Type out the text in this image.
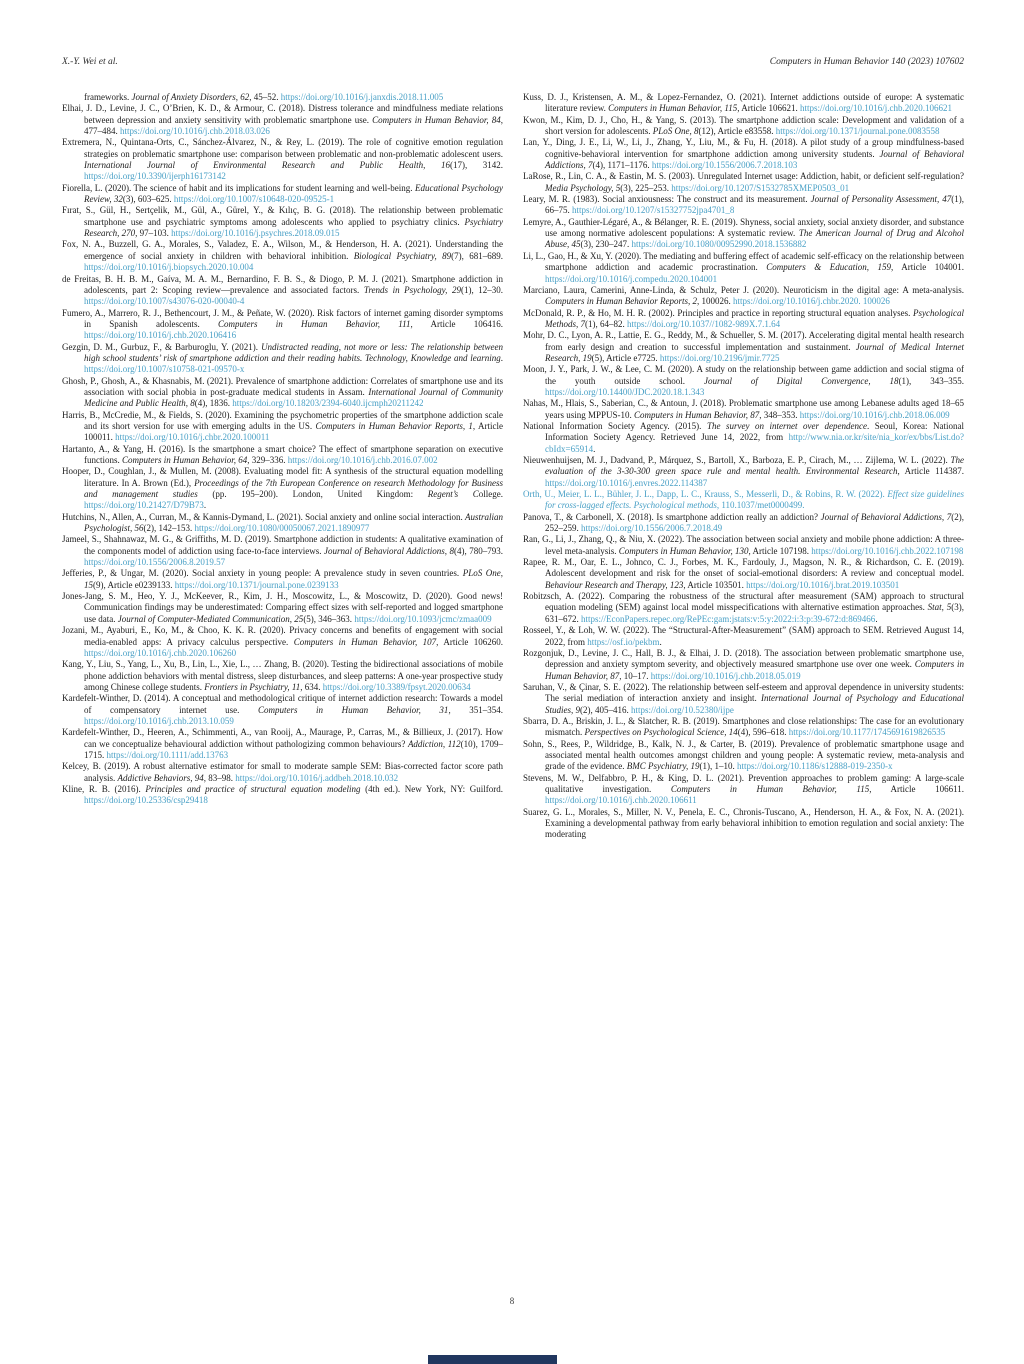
X.-Y. Wei et al.	Computers in Human Behavior 140 (2023) 107602
frameworks. Journal of Anxiety Disorders, 62, 45–52. https://doi.org/10.1016/j.janxdis.2018.11.005
Elhai, J. D., Levine, J. C., O’Brien, K. D., & Armour, C. (2018). Distress tolerance and mindfulness mediate relations between depression and anxiety sensitivity with problematic smartphone use. Computers in Human Behavior, 84, 477–484. https://doi.org/10.1016/j.chb.2018.03.026
Extremera, N., Quintana-Orts, C., Sánchez-Álvarez, N., & Rey, L. (2019). The role of cognitive emotion regulation strategies on problematic smartphone use: comparison between problematic and non-problematic adolescent users. International Journal of Environmental Research and Public Health, 16(17), 3142. https://doi.org/10.3390/ijerph16173142
Fiorella, L. (2020). The science of habit and its implications for student learning and well-being. Educational Psychology Review, 32(3), 603–625. https://doi.org/10.1007/s10648-020-09525-1
Fırat, S., Gül, H., Sertçelik, M., Gül, A., Gürel, Y., & Kılıç, B. G. (2018). The relationship between problematic smartphone use and psychiatric symptoms among adolescents who applied to psychiatry clinics. Psychiatry Research, 270, 97–103. https://doi.org/10.1016/j.psychres.2018.09.015
Fox, N. A., Buzzell, G. A., Morales, S., Valadez, E. A., Wilson, M., & Henderson, H. A. (2021). Understanding the emergence of social anxiety in children with behavioral inhibition. Biological Psychiatry, 89(7), 681–689. https://doi.org/10.1016/j.biopsych.2020.10.004
de Freitas, B. H. B. M., Gaíva, M. A. M., Bernardino, F. B. S., & Diogo, P. M. J. (2021). Smartphone addiction in adolescents, part 2: Scoping review—prevalence and associated factors. Trends in Psychology, 29(1), 12–30. https://doi.org/10.1007/s43076-020-00040-4
Fumero, A., Marrero, R. J., Bethencourt, J. M., & Peñate, W. (2020). Risk factors of internet gaming disorder symptoms in Spanish adolescents. Computers in Human Behavior, 111, Article 106416. https://doi.org/10.1016/j.chb.2020.106416
Gezgin, D. M., Gurbuz, F., & Barburoglu, Y. (2021). Undistracted reading, not more or less: The relationship between high school students’ risk of smartphone addiction and their reading habits. Technology, Knowledge and learning. https://doi.org/10.1007/s10758-021-09570-x
Ghosh, P., Ghosh, A., & Khasnabis, M. (2021). Prevalence of smartphone addiction: Correlates of smartphone use and its association with social phobia in post-graduate medical students in Assam. International Journal of Community Medicine and Public Health, 8(4), 1836. https://doi.org/10.18203/2394-6040.ijcmph20211242
Harris, B., McCredie, M., & Fields, S. (2020). Examining the psychometric properties of the smartphone addiction scale and its short version for use with emerging adults in the US. Computers in Human Behavior Reports, 1, Article 100011. https://doi.org/10.1016/j.chbr.2020.100011
Hartanto, A., & Yang, H. (2016). Is the smartphone a smart choice? The effect of smartphone separation on executive functions. Computers in Human Behavior, 64, 329–336. https://doi.org/10.1016/j.chb.2016.07.002
Hooper, D., Coughlan, J., & Mullen, M. (2008). Evaluating model fit: A synthesis of the structural equation modelling literature. In A. Brown (Ed.), Proceedings of the 7th European Conference on research Methodology for Business and management studies (pp. 195–200). London, United Kingdom: Regent’s College. https://doi.org/10.21427/D79B73.
Hutchins, N., Allen, A., Curran, M., & Kannis-Dymand, L. (2021). Social anxiety and online social interaction. Australian Psychologist, 56(2), 142–153. https://doi.org/10.1080/00050067.2021.1890977
Jameel, S., Shahnawaz, M. G., & Griffiths, M. D. (2019). Smartphone addiction in students: A qualitative examination of the components model of addiction using face-to-face interviews. Journal of Behavioral Addictions, 8(4), 780–793. https://doi.org/10.1556/2006.8.2019.57
Jefferies, P., & Ungar, M. (2020). Social anxiety in young people: A prevalence study in seven countries. PLoS One, 15(9), Article e0239133. https://doi.org/10.1371/journal.pone.0239133
Jones-Jang, S. M., Heo, Y. J., McKeever, R., Kim, J. H., Moscowitz, L., & Moscowitz, D. (2020). Good news! Communication findings may be underestimated: Comparing effect sizes with self-reported and logged smartphone use data. Journal of Computer-Mediated Communication, 25(5), 346–363. https://doi.org/10.1093/jcmc/zmaa009
Jozani, M., Ayaburi, E., Ko, M., & Choo, K. K. R. (2020). Privacy concerns and benefits of engagement with social media-enabled apps: A privacy calculus perspective. Computers in Human Behavior, 107, Article 106260. https://doi.org/10.1016/j.chb.2020.106260
Kang, Y., Liu, S., Yang, L., Xu, B., Lin, L., Xie, L., … Zhang, B. (2020). Testing the bidirectional associations of mobile phone addiction behaviors with mental distress, sleep disturbances, and sleep patterns: A one-year prospective study among Chinese college students. Frontiers in Psychiatry, 11, 634. https://doi.org/10.3389/fpsyt.2020.00634
Kardefelt-Winther, D. (2014). A conceptual and methodological critique of internet addiction research: Towards a model of compensatory internet use. Computers in Human Behavior, 31, 351–354. https://doi.org/10.1016/j.chb.2013.10.059
Kardefelt-Winther, D., Heeren, A., Schimmenti, A., van Rooij, A., Maurage, P., Carras, M., & Billieux, J. (2017). How can we conceptualize behavioural addiction without pathologizing common behaviours? Addiction, 112(10), 1709–1715. https://doi.org/10.1111/add.13763
Kelcey, B. (2019). A robust alternative estimator for small to moderate sample SEM: Bias-corrected factor score path analysis. Addictive Behaviors, 94, 83–98. https://doi.org/10.1016/j.addbeh.2018.10.032
Kline, R. B. (2016). Principles and practice of structural equation modeling (4th ed.). New York, NY: Guilford. https://doi.org/10.25336/csp29418
Kuss, D. J., Kristensen, A. M., & Lopez-Fernandez, O. (2021). Internet addictions outside of europe: A systematic literature review. Computers in Human Behavior, 115, Article 106621. https://doi.org/10.1016/j.chb.2020.106621
Kwon, M., Kim, D. J., Cho, H., & Yang, S. (2013). The smartphone addiction scale: Development and validation of a short version for adolescents. PLoS One, 8(12), Article e83558. https://doi.org/10.1371/journal.pone.0083558
Lan, Y., Ding, J. E., Li, W., Li, J., Zhang, Y., Liu, M., & Fu, H. (2018). A pilot study of a group mindfulness-based cognitive-behavioral intervention for smartphone addiction among university students. Journal of Behavioral Addictions, 7(4), 1171–1176. https://doi.org/10.1556/2006.7.2018.103
LaRose, R., Lin, C. A., & Eastin, M. S. (2003). Unregulated Internet usage: Addiction, habit, or deficient self-regulation? Media Psychology, 5(3), 225–253. https://doi.org/10.1207/S1532785XMEP0503_01
Leary, M. R. (1983). Social anxiousness: The construct and its measurement. Journal of Personality Assessment, 47(1), 66–75. https://doi.org/10.1207/s15327752jpa4701_8
Lemyre, A., Gauthier-Légaré, A., & Bélanger, R. E. (2019). Shyness, social anxiety, social anxiety disorder, and substance use among normative adolescent populations: A systematic review. The American Journal of Drug and Alcohol Abuse, 45(3), 230–247. https://doi.org/10.1080/00952990.2018.1536882
Li, L., Gao, H., & Xu, Y. (2020). The mediating and buffering effect of academic self-efficacy on the relationship between smartphone addiction and academic procrastination. Computers & Education, 159, Article 104001. https://doi.org/10.1016/j.compedu.2020.104001
Marciano, Laura, Camerini, Anne-Linda, & Schulz, Peter J. (2020). Neuroticism in the digital age: A meta-analysis. Computers in Human Behavior Reports, 2, 100026. https://doi.org/10.1016/j.chbr.2020. 100026
McDonald, R. P., & Ho, M. H. R. (2002). Principles and practice in reporting structural equation analyses. Psychological Methods, 7(1), 64–82. https://doi.org/10.1037//1082-989X.7.1.64
Mohr, D. C., Lyon, A. R., Lattie, E. G., Reddy, M., & Schueller, S. M. (2017). Accelerating digital mental health research from early design and creation to successful implementation and sustainment. Journal of Medical Internet Research, 19(5), Article e7725. https://doi.org/10.2196/jmir.7725
Moon, J. Y., Park, J. W., & Lee, C. M. (2020). A study on the relationship between game addiction and social stigma of the youth outside school. Journal of Digital Convergence, 18(1), 343–355. https://doi.org/10.14400/JDC.2020.18.1.343
Nahas, M., Hlais, S., Saberian, C., & Antoun, J. (2018). Problematic smartphone use among Lebanese adults aged 18–65 years using MPPUS-10. Computers in Human Behavior, 87, 348–353. https://doi.org/10.1016/j.chb.2018.06.009
National Information Society Agency. (2015). The survey on internet over dependence. Seoul, Korea: National Information Society Agency. Retrieved June 14, 2022, from http://www.nia.or.kr/site/nia_kor/ex/bbs/List.do?cbIdx=65914.
Nieuwenhuijsen, M. J., Dadvand, P., Márquez, S., Bartoll, X., Barboza, E. P., Cirach, M., … Zijlema, W. L. (2022). The evaluation of the 3-30-300 green space rule and mental health. Environmental Research, Article 114387. https://doi.org/10.1016/j.envres.2022.114387
Orth, U., Meier, L. L., Bühler, J. L., Dapp, L. C., Krauss, S., Messerli, D., & Robins, R. W. (2022). Effect size guidelines for cross-lagged effects. Psychological methods, 110.1037/met0000499.
Panova, T., & Carbonell, X. (2018). Is smartphone addiction really an addiction? Journal of Behavioral Addictions, 7(2), 252–259. https://doi.org/10.1556/2006.7.2018.49
Ran, G., Li, J., Zhang, Q., & Niu, X. (2022). The association between social anxiety and mobile phone addiction: A three-level meta-analysis. Computers in Human Behavior, 130, Article 107198. https://doi.org/10.1016/j.chb.2022.107198
Rapee, R. M., Oar, E. L., Johnco, C. J., Forbes, M. K., Fardouly, J., Magson, N. R., & Richardson, C. E. (2019). Adolescent development and risk for the onset of social-emotional disorders: A review and conceptual model. Behaviour Research and Therapy, 123, Article 103501. https://doi.org/10.1016/j.brat.2019.103501
Robitzsch, A. (2022). Comparing the robustness of the structural after measurement (SAM) approach to structural equation modeling (SEM) against local model misspecifications with alternative estimation approaches. Stat, 5(3), 631–672. https://EconPapers.repec.org/RePEc:gam:jstats:v:5:y:2022:i:3:p:39-672:d:869466.
Rosseel, Y., & Loh, W. W. (2022). The “Structural-After-Measurement” (SAM) approach to SEM. Retrieved August 14, 2022, from https://osf.io/pekbm.
Rozgonjuk, D., Levine, J. C., Hall, B. J., & Elhai, J. D. (2018). The association between problematic smartphone use, depression and anxiety symptom severity, and objectively measured smartphone use over one week. Computers in Human Behavior, 87, 10–17. https://doi.org/10.1016/j.chb.2018.05.019
Saruhan, V., & Çinar, S. E. (2022). The relationship between self-esteem and approval dependence in university students: The serial mediation of interaction anxiety and insight. International Journal of Psychology and Educational Studies, 9(2), 405–416. https://doi.org/10.52380/ijpe
Sbarra, D. A., Briskin, J. L., & Slatcher, R. B. (2019). Smartphones and close relationships: The case for an evolutionary mismatch. Perspectives on Psychological Science, 14(4), 596–618. https://doi.org/10.1177/1745691619826535
Sohn, S., Rees, P., Wildridge, B., Kalk, N. J., & Carter, B. (2019). Prevalence of problematic smartphone usage and associated mental health outcomes amongst children and young people: A systematic review, meta-analysis and grade of the evidence. BMC Psychiatry, 19(1), 1–10. https://doi.org/10.1186/s12888-019-2350-x
Stevens, M. W., Delfabbro, P. H., & King, D. L. (2021). Prevention approaches to problem gaming: A large-scale qualitative investigation. Computers in Human Behavior, 115, Article 106611. https://doi.org/10.1016/j.chb.2020.106611
Suarez, G. L., Morales, S., Miller, N. V., Penela, E. C., Chronis-Tuscano, A., Henderson, H. A., & Fox, N. A. (2021). Examining a developmental pathway from early behavioral inhibition to emotion regulation and social anxiety: The moderating
8
